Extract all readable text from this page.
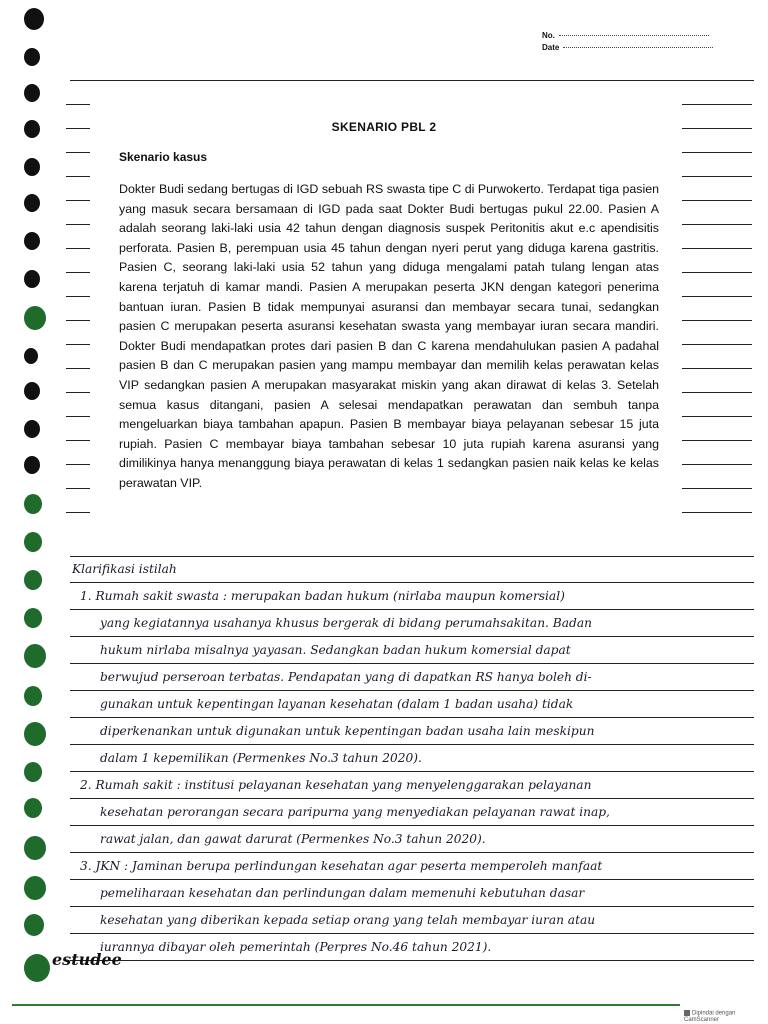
No.
Date
SKENARIO PBL 2
Skenario kasus
Dokter Budi sedang bertugas di IGD sebuah RS swasta tipe C di Purwokerto. Terdapat tiga pasien yang masuk secara bersamaan di IGD pada saat Dokter Budi bertugas pukul 22.00. Pasien A adalah seorang laki-laki usia 42 tahun dengan diagnosis suspek Peritonitis akut e.c apendisitis perforata. Pasien B, perempuan usia 45 tahun dengan nyeri perut yang diduga karena gastritis. Pasien C, seorang laki-laki usia 52 tahun yang diduga mengalami patah tulang lengan atas karena terjatuh di kamar mandi. Pasien A merupakan peserta JKN dengan kategori penerima bantuan iuran. Pasien B tidak mempunyai asuransi dan membayar secara tunai, sedangkan pasien C merupakan peserta asuransi kesehatan swasta yang membayar iuran secara mandiri. Dokter Budi mendapatkan protes dari pasien B dan C karena mendahulukan pasien A padahal pasien B dan C merupakan pasien yang mampu membayar dan memilih kelas perawatan kelas VIP sedangkan pasien A merupakan masyarakat miskin yang akan dirawat di kelas 3. Setelah semua kasus ditangani, pasien A selesai mendapatkan perawatan dan sembuh tanpa mengeluarkan biaya tambahan apapun. Pasien B membayar biaya pelayanan sebesar 15 juta rupiah. Pasien C membayar biaya tambahan sebesar 10 juta rupiah karena asuransi yang dimilikinya hanya menanggung biaya perawatan di kelas 1 sedangkan pasien naik kelas ke kelas perawatan VIP.
Klarifikasi istilah
1. Rumah sakit swasta : merupakan badan hukum (nirlaba maupun komersial)
yang kegiatannya usahanya khusus bergerak di bidang perumahsakitan. Badan
hukum nirlaba misalnya yayasan. Sedangkan badan hukum komersial dapat
berwujud perseroan terbatas. Pendapatan yang di dapatkan RS hanya boleh di-
gunakan untuk kepentingan layanan kesehatan (dalam 1 badan usaha) tidak
diperkenankan untuk digunakan untuk kepentingan badan usaha lain meskipun
dalam 1 kepemilikan (Permenkes No.3 tahun 2020).
2. Rumah sakit : institusi pelayanan kesehatan yang menyelenggarakan pelayanan
kesehatan perorangan secara paripurna yang menyediakan pelayanan rawat inap,
rawat jalan, dan gawat darurat (Permenkes No.3 tahun 2020).
3. JKN : Jaminan berupa perlindungan kesehatan agar peserta memperoleh manfaat
pemeliharaan kesehatan dan perlindungan dalam memenuhi kebutuhan dasar
kesehatan yang diberikan kepada setiap orang yang telah membayar iuran atau
iurannya dibayar oleh pemerintah (Perpres No.46 tahun 2021).
estudee
Dipindai dengan CamScanner
